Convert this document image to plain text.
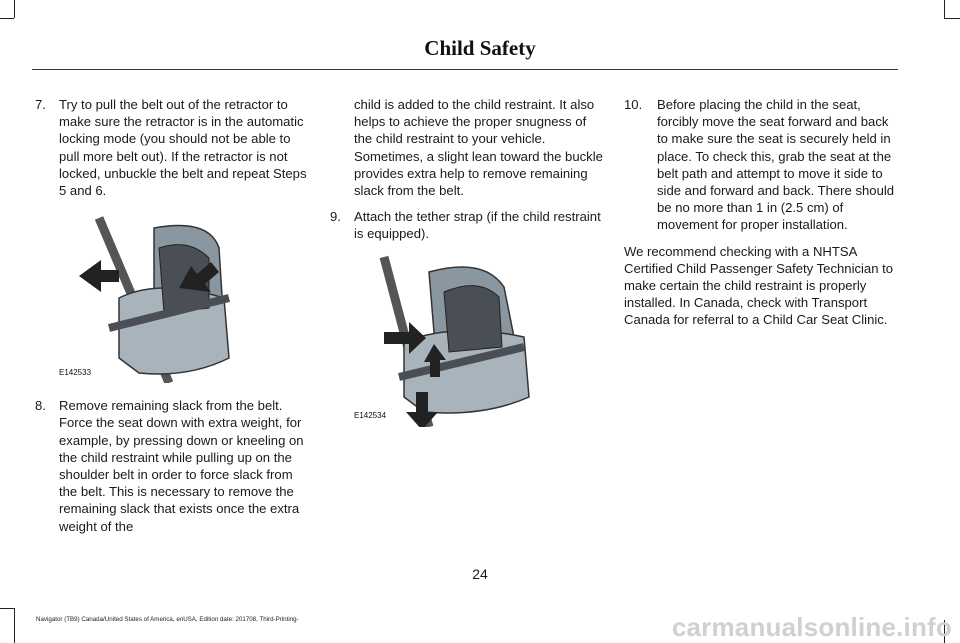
Child Safety
7. Try to pull the belt out of the retractor to make sure the retractor is in the automatic locking mode (you should not be able to pull more belt out). If the retractor is not locked, unbuckle the belt and repeat Steps 5 and 6.
E142533
8. Remove remaining slack from the belt. Force the seat down with extra weight, for example, by pressing down or kneeling on the child restraint while pulling up on the shoulder belt in order to force slack from the belt. This is necessary to remove the remaining slack that exists once the extra weight of the

child is added to the child restraint. It also helps to achieve the proper snugness of the child restraint to your vehicle. Sometimes, a slight lean toward the buckle provides extra help to remove remaining slack from the belt.

9. Attach the tether strap (if the child restraint is equipped).
E142534
10. Before placing the child in the seat, forcibly move the seat forward and back to make sure the seat is securely held in place. To check this, grab the seat at the belt path and attempt to move it side to side and forward and back. There should be no more than 1 in (2.5 cm) of movement for proper installation.

We recommend checking with a NHTSA Certified Child Passenger Safety Technician to make certain the child restraint is properly installed. In Canada, check with Transport Canada for referral to a Child Car Seat Clinic.

24
Navigator (TB9) Canada/United States of America, enUSA, Edition date: 201708, Third-Printing-	carmanualsonline.info
